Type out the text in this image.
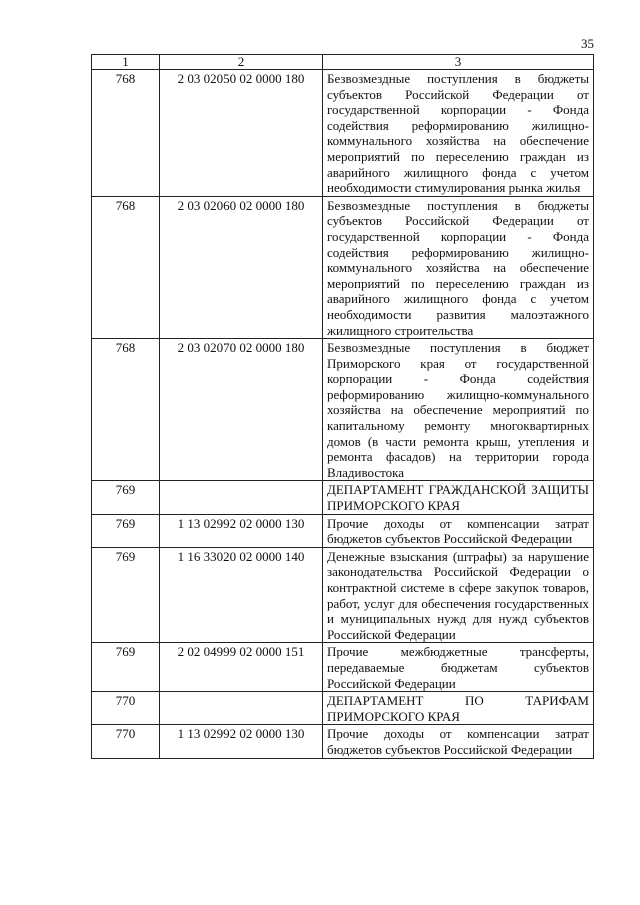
35
1	2	3
768	2 03 02050 02 0000 180	Безвозмездные поступления в бюджеты субъектов Российской Федерации от государственной корпорации - Фонда содействия реформированию жилищно-коммунального хозяйства на обеспечение мероприятий по переселению граждан из аварийного жилищного фонда с учетом необходимости стимулирования рынка жилья
768	2 03 02060 02 0000 180	Безвозмездные поступления в бюджеты субъектов Российской Федерации от государственной корпорации - Фонда содействия реформированию жилищно-коммунального хозяйства на обеспечение мероприятий по переселению граждан из аварийного жилищного фонда с учетом необходимости развития малоэтажного жилищного строительства
768	2 03 02070 02 0000 180	Безвозмездные поступления в бюджет Приморского края от государственной корпорации - Фонда содействия реформированию жилищно-коммунального хозяйства на обеспечение мероприятий по капитальному ремонту многоквартирных домов (в части ремонта крыш, утепления и ремонта фасадов) на территории города Владивостока
769		ДЕПАРТАМЕНТ ГРАЖДАНСКОЙ ЗАЩИТЫ ПРИМОРСКОГО КРАЯ
769	1 13 02992 02 0000 130	Прочие доходы от компенсации затрат бюджетов субъектов Российской Федерации
769	1 16 33020 02 0000 140	Денежные взыскания (штрафы) за нарушение законодательства Российской Федерации о контрактной системе в сфере закупок товаров, работ, услуг для обеспечения государственных и муниципальных нужд для нужд субъектов Российской Федерации
769	2 02 04999 02 0000 151	Прочие межбюджетные трансферты, передаваемые бюджетам субъектов Российской Федерации
770		ДЕПАРТАМЕНТ ПО ТАРИФАМ ПРИМОРСКОГО КРАЯ
770	1 13 02992 02 0000 130	Прочие доходы от компенсации затрат бюджетов субъектов Российской Федерации
